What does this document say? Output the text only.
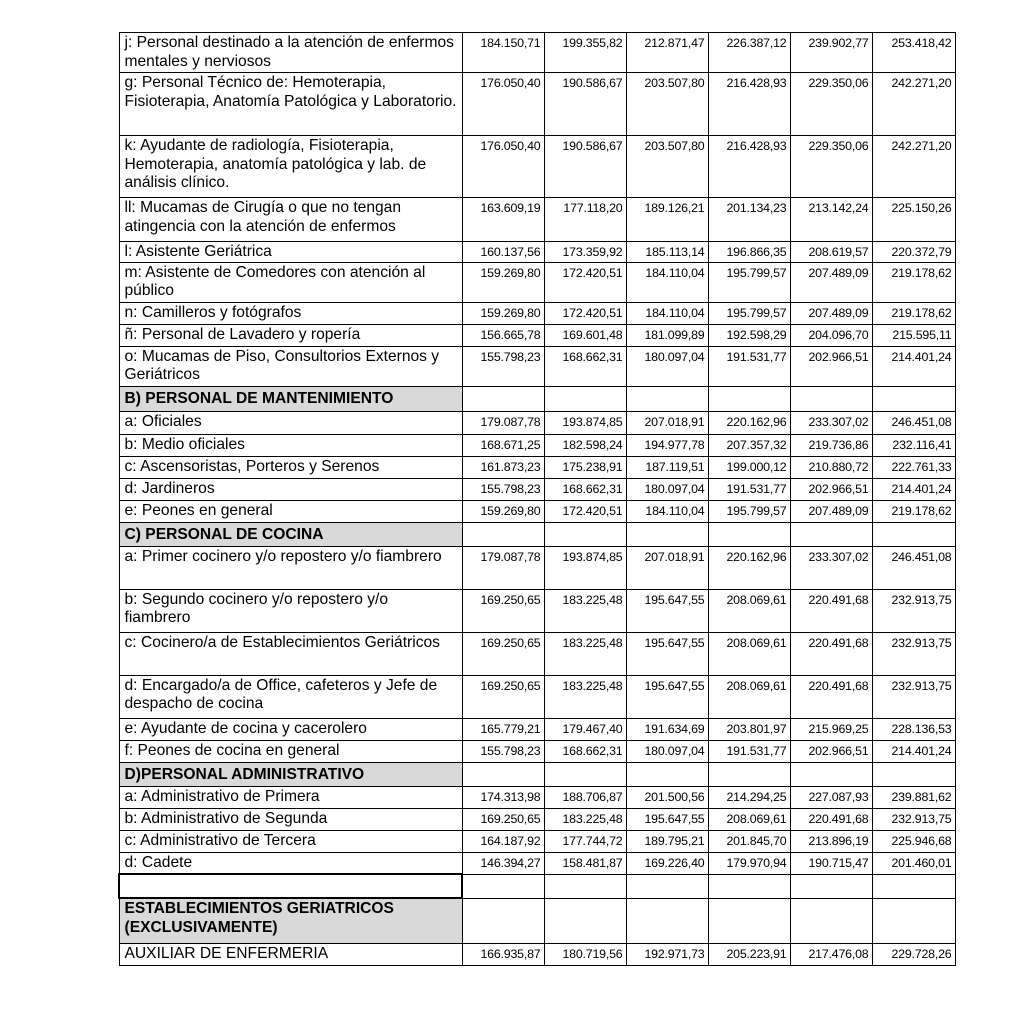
j: Personal destinado a la atención de enfermos mentales y nerviosos	184.150,71	199.355,82	212.871,47	226.387,12	239.902,77	253.418,42
g: Personal Técnico de: Hemoterapia, Fisioterapia, Anatomía Patológica y Laboratorio.	176.050,40	190.586,67	203.507,80	216.428,93	229.350,06	242.271,20
k: Ayudante de radiología, Fisioterapia, Hemoterapia, anatomía patológica y lab. de análisis clínico.	176.050,40	190.586,67	203.507,80	216.428,93	229.350,06	242.271,20
ll: Mucamas de Cirugía o que no tengan atingencia con la atención de enfermos	163.609,19	177.118,20	189.126,21	201.134,23	213.142,24	225.150,26
l: Asistente Geriátrica	160.137,56	173.359,92	185.113,14	196.866,35	208.619,57	220.372,79
m: Asistente de Comedores con atención al público	159.269,80	172.420,51	184.110,04	195.799,57	207.489,09	219.178,62
n: Camilleros y fotógrafos	159.269,80	172.420,51	184.110,04	195.799,57	207.489,09	219.178,62
ñ: Personal de Lavadero y ropería	156.665,78	169.601,48	181.099,89	192.598,29	204.096,70	215.595,11
o: Mucamas de Piso, Consultorios Externos y Geriátricos	155.798,23	168.662,31	180.097,04	191.531,77	202.966,51	214.401,24
B) PERSONAL DE MANTENIMIENTO						
a: Oficiales	179.087,78	193.874,85	207.018,91	220.162,96	233.307,02	246.451,08
b: Medio oficiales	168.671,25	182.598,24	194.977,78	207.357,32	219.736,86	232.116,41
c: Ascensoristas, Porteros y Serenos	161.873,23	175.238,91	187.119,51	199.000,12	210.880,72	222.761,33
d: Jardineros	155.798,23	168.662,31	180.097,04	191.531,77	202.966,51	214.401,24
e: Peones en general	159.269,80	172.420,51	184.110,04	195.799,57	207.489,09	219.178,62
C) PERSONAL DE COCINA						
a: Primer cocinero y/o repostero y/o fiambrero	179.087,78	193.874,85	207.018,91	220.162,96	233.307,02	246.451,08
b: Segundo cocinero y/o repostero y/o fiambrero	169.250,65	183.225,48	195.647,55	208.069,61	220.491,68	232.913,75
c: Cocinero/a de Establecimientos Geriátricos	169.250,65	183.225,48	195.647,55	208.069,61	220.491,68	232.913,75
d: Encargado/a de Office, cafeteros y Jefe de despacho de cocina	169.250,65	183.225,48	195.647,55	208.069,61	220.491,68	232.913,75
e: Ayudante de cocina y cacerolero	165.779,21	179.467,40	191.634,69	203.801,97	215.969,25	228.136,53
f: Peones de cocina en general	155.798,23	168.662,31	180.097,04	191.531,77	202.966,51	214.401,24
D)PERSONAL ADMINISTRATIVO						
a: Administrativo de Primera	174.313,98	188.706,87	201.500,56	214.294,25	227.087,93	239.881,62
b: Administrativo de Segunda	169.250,65	183.225,48	195.647,55	208.069,61	220.491,68	232.913,75
c: Administrativo de Tercera	164.187,92	177.744,72	189.795,21	201.845,70	213.896,19	225.946,68
d: Cadete	146.394,27	158.481,87	169.226,40	179.970,94	190.715,47	201.460,01

ESTABLECIMIENTOS GERIATRICOS (EXCLUSIVAMENTE)						
AUXILIAR DE ENFERMERIA	166.935,87	180.719,56	192.971,73	205.223,91	217.476,08	229.728,26
